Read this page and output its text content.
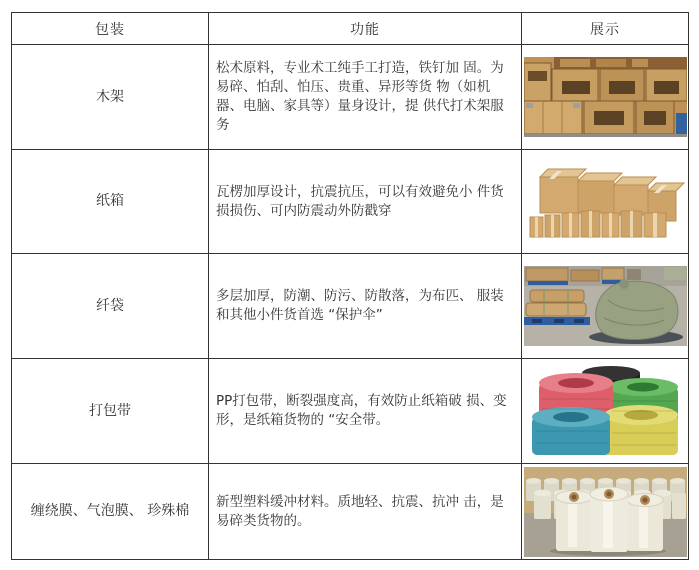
包装	功能	展示
木架	松术原料，专业术工纯手工打造，铁钉加 固。为易碎、怕刮、怕压、贵重、异形等货 物（如机器、电脑、家具等）量身设计，提 供代打术架服务	
纸箱	瓦楞加厚设计，抗震抗压，可以有效避免小 件货损损伤、可内防震动外防戳穿	
纤袋	多层加厚，防潮、防污、防散落，为布匹、 服装和其他小件货首选 “保护伞”	
打包带	PP打包带，断裂强度高，有效防止纸箱破 损、变形，是纸箱货物的 “安全带。	
缠绕膜、气泡膜、 珍殊棉	新型塑料缓冲材料。质地轻、抗震、抗冲 击，是易碎类货物的。	
